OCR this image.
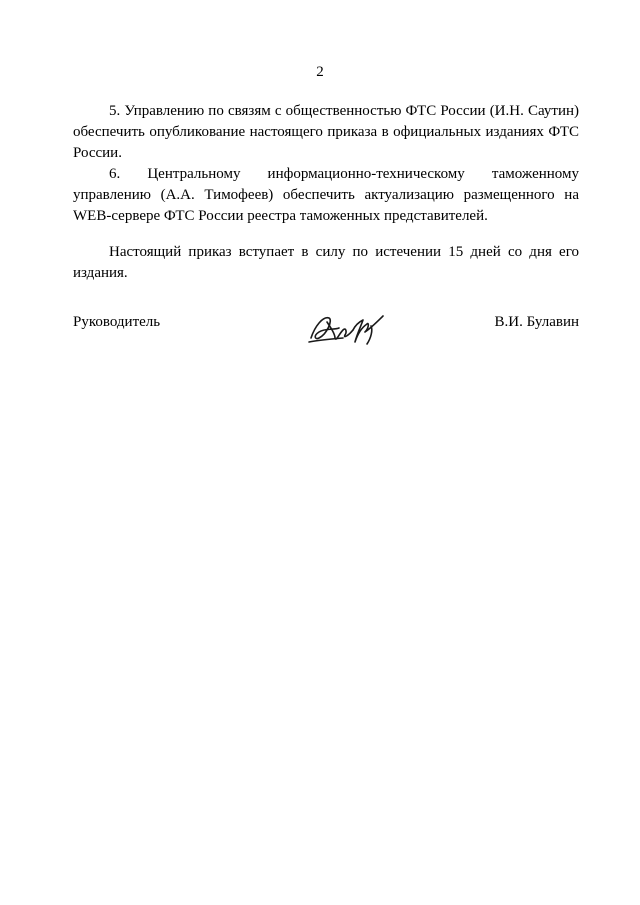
2

5. Управлению по связям с общественностью ФТС России (И.Н. Саутин) обеспечить опубликование настоящего приказа в официальных изданиях ФТС России.

6. Центральному информационно-техническому таможенному управлению (А.А. Тимофеев) обеспечить актуализацию размещенного на WEB-сервере ФТС России реестра таможенных представителей.

Настоящий приказ вступает в силу по истечении 15 дней со дня его издания.

Руководитель	В.И. Булавин
